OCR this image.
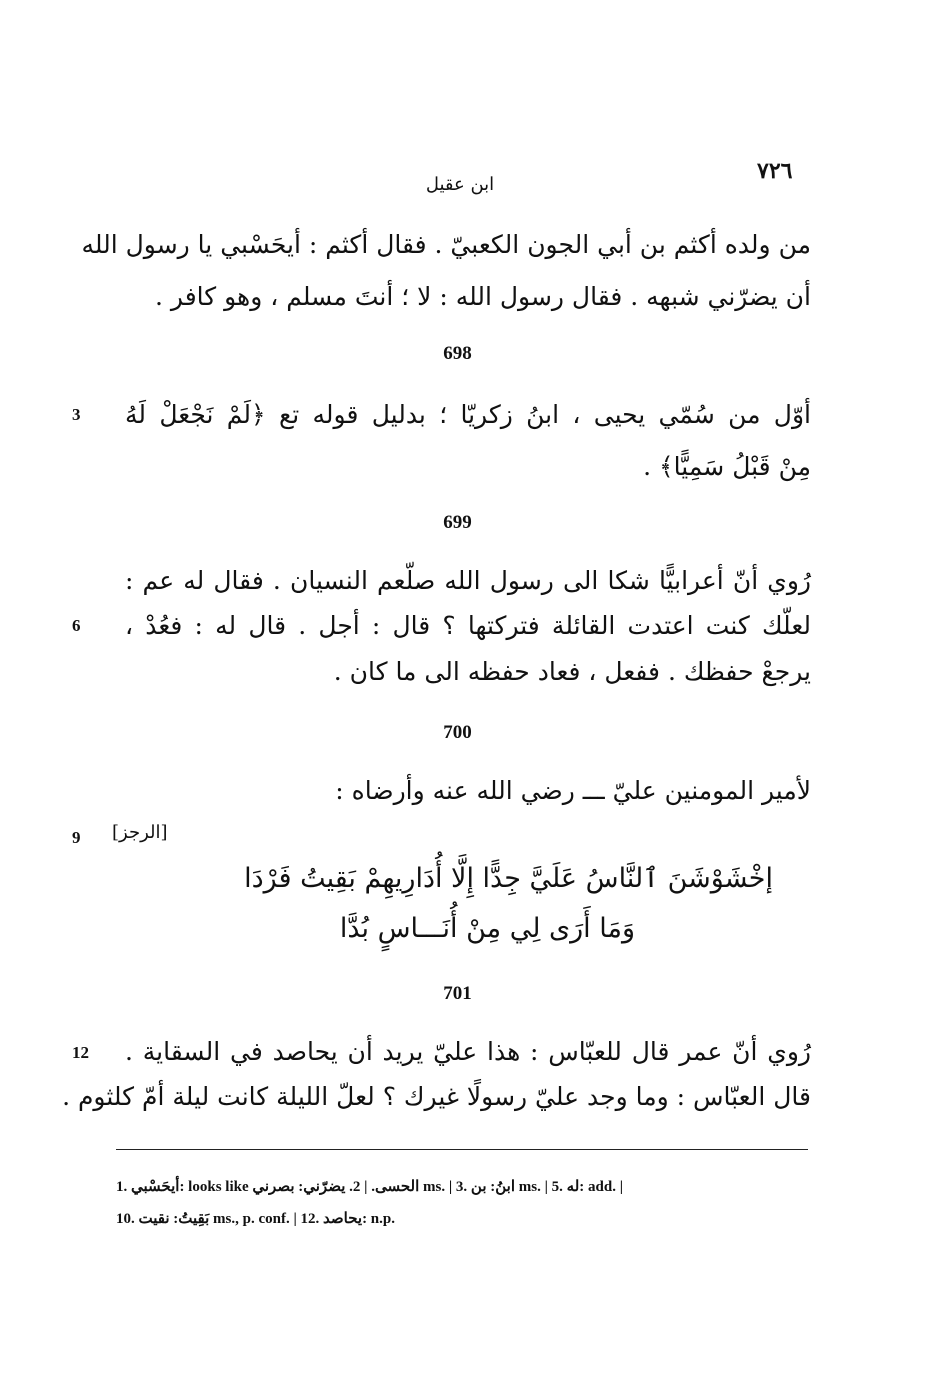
٧٢٦
ابن عقيل
من ولده أكثم بن أبي الجون الكعبيّ . فقال أكثم : أيحَسْبي يا رسول الله
أن يضرّني شبهه . فقال رسول الله : لا ؛ أنتَ مسلم ، وهو كافر .
698
أوّل من سُمّي يحيى ، ابنُ زكريّا ؛ بدليل قوله تع ﴿لَمْ نَجْعَلْ لَهُ
3
مِنْ قَبْلُ سَمِيًّا﴾ .
699
رُوي أنّ أعرابيًّا شكا الى رسول الله صلّعم النسيان . فقال له عم :
لعلّك كنت اعتدت القائلة فتركتها ؟ قال : أجل . قال له : فعُدْ ،
6
يرجعْ حفظك . ففعل ، فعاد حفظه الى ما كان .
700
لأمير المومنين عليّ ـــ رضي الله عنه وأرضاه :
9 [الرجز]
إخْشَوْشَنَ ٱلنَّاسُ عَلَيَّ جِدًّا إِلَّا أُدَارِيهِمْ بَقِيتُ فَرْدَا
وَمَا أَرَى لِي مِنْ أُنَـــاسٍ بُدَّا
701
رُوي أنّ عمر قال للعبّاس : هذا عليّ يريد أن يحاصد في السقاية .
12
قال العبّاس : وما وجد عليّ رسولًا غيرك ؟ لعلّ الليلة كانت ليلة أمّ كلثوم .
1. أيحَسْبي: looks like الحسى. | 2. يضرّني: بصرني ms. | 3. ابنُ: بن ms. | 5. له: add. |
10. بَقِيتُ: نقيت ms., p. conf. | 12. يحاصد: n.p.
